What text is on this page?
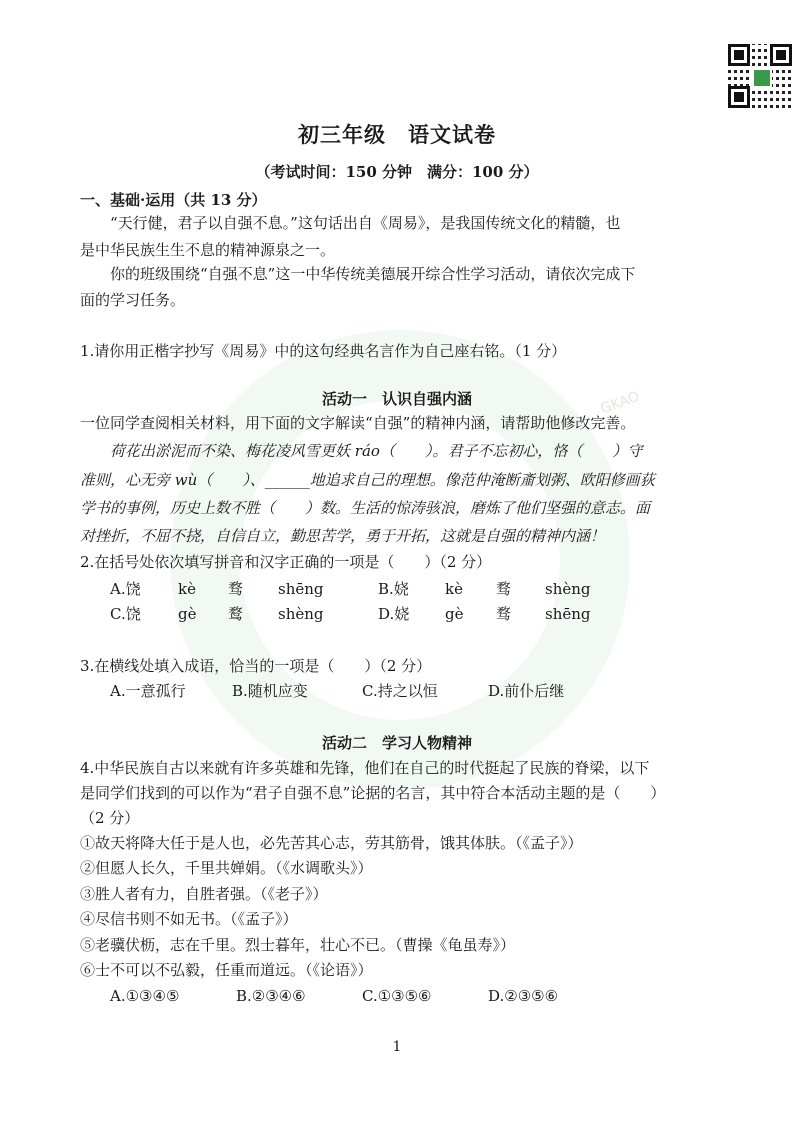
GKAO
初三年级　语文试卷
（考试时间：150 分钟　满分：100 分）
一、基础·运用（共 13 分）
“天行健，君子以自强不息。”这句话出自《周易》，是我国传统文化的精髓，也
是中华民族生生不息的精神源泉之一。
你的班级围绕“自强不息”这一中华传统美德展开综合性学习活动，请依次完成下
面的学习任务。
1.请你用正楷字抄写《周易》中的这句经典名言作为自己座右铭。（1 分）
活动一　认识自强内涵
一位同学查阅相关材料，用下面的文字解读“自强”的精神内涵，请帮助他修改完善。
荷花出淤泥而不染、梅花凌风雪更妖 ráo（　　）。君子不忘初心，恪（　　）守
准则，心无旁 wù（　　）、______地追求自己的理想。像范仲淹断齑划粥、欧阳修画荻
学书的事例，历史上数不胜（　　）数。生活的惊涛骇浪，磨炼了他们坚强的意志。面
对挫折，不屈不挠，自信自立，勤思苦学，勇于开拓，这就是自强的精神内涵！
2.在括号处依次填写拼音和汉字正确的一项是（　　）（2 分）
A.饶 kè 骛 shēng	B.娆 kè 骛 shèng
C.饶 gè 鹜 shèng	D.娆 gè 骛 shēng
3.在横线处填入成语，恰当的一项是（　　）（2 分）
A.一意孤行	B.随机应变	C.持之以恒	D.前仆后继
活动二　学习人物精神
4.中华民族自古以来就有许多英雄和先锋，他们在自己的时代挺起了民族的脊梁，以下
是同学们找到的可以作为“君子自强不息”论据的名言，其中符合本活动主题的是（　　）
（2 分）
①故天将降大任于是人也，必先苦其心志，劳其筋骨，饿其体肤。（《孟子》）
②但愿人长久，千里共婵娟。（《水调歌头》）
③胜人者有力，自胜者强。（《老子》）
④尽信书则不如无书。（《孟子》）
⑤老骥伏枥，志在千里。烈士暮年，壮心不已。（曹操《龟虽寿》）
⑥士不可以不弘毅，任重而道远。（《论语》）
A.①③④⑤	B.②③④⑥	C.①③⑤⑥	D.②③⑤⑥
1
